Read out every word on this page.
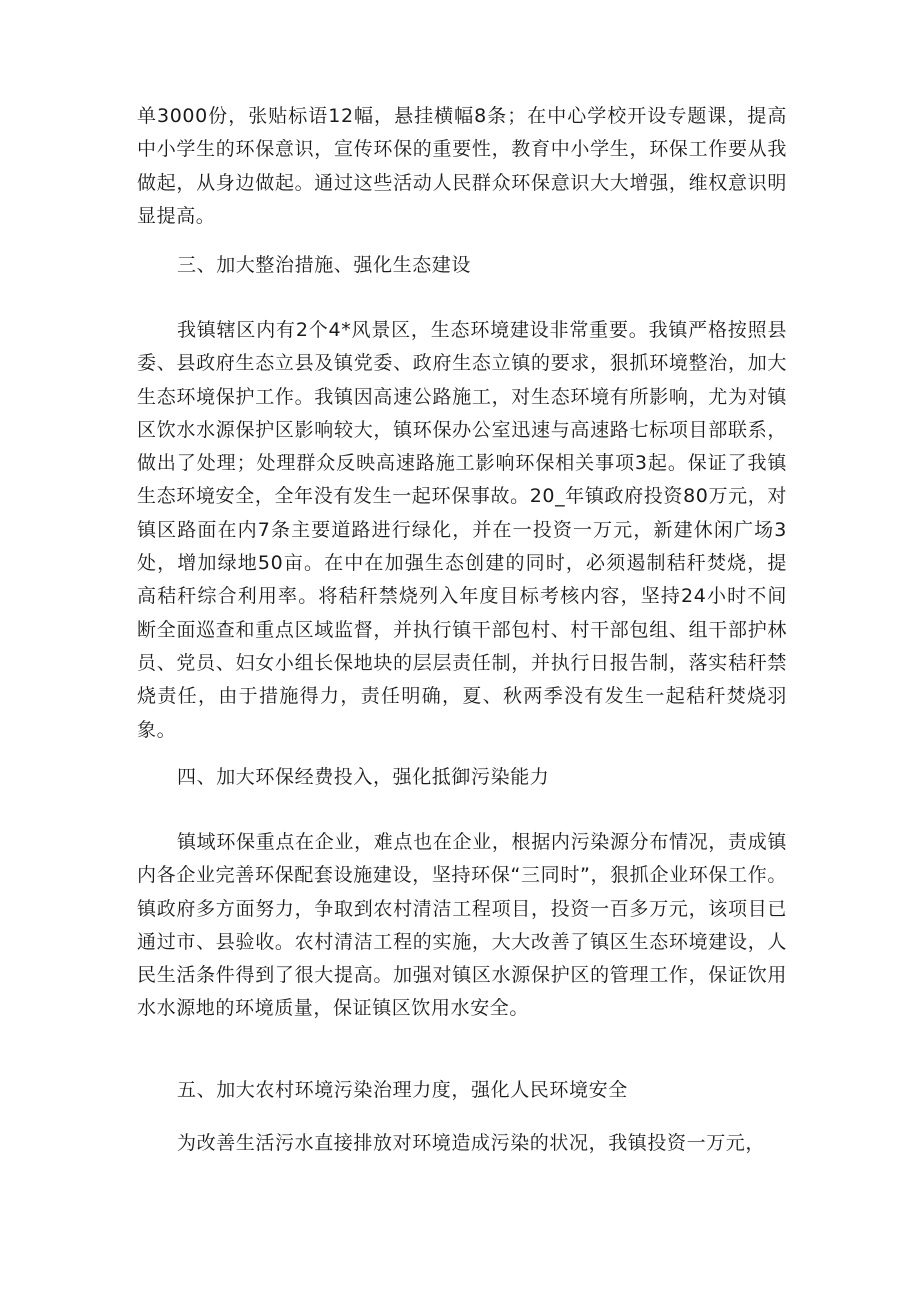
单3000份，张贴标语12幅，悬挂横幅8条；在中心学校开设专题课，提高中小学生的环保意识，宣传环保的重要性，教育中小学生，环保工作要从我做起，从身边做起。通过这些活动人民群众环保意识大大增强，维权意识明显提高。

三、加大整治措施、强化生态建设

我镇辖区内有2个4*风景区，生态环境建设非常重要。我镇严格按照县委、县政府生态立县及镇党委、政府生态立镇的要求，狠抓环境整治，加大生态环境保护工作。我镇因高速公路施工，对生态环境有所影响，尤为对镇区饮水水源保护区影响较大，镇环保办公室迅速与高速路七标项目部联系，做出了处理；处理群众反映高速路施工影响环保相关事项3起。保证了我镇生态环境安全，全年没有发生一起环保事故。20_年镇政府投资80万元，对镇区路面在内7条主要道路进行绿化，并在一投资一万元，新建休闲广场3处，增加绿地50亩。在中在加强生态创建的同时，必须遏制秸秆焚烧，提高秸秆综合利用率。将秸秆禁烧列入年度目标考核内容，坚持24小时不间断全面巡查和重点区域监督，并执行镇干部包村、村干部包组、组干部护林员、党员、妇女小组长保地块的层层责任制，并执行日报告制，落实秸秆禁烧责任，由于措施得力，责任明确，夏、秋两季没有发生一起秸秆焚烧羽象。

四、加大环保经费投入，强化抵御污染能力

镇域环保重点在企业，难点也在企业，根据内污染源分布情况，责成镇内各企业完善环保配套设施建设，坚持环保“三同时”，狠抓企业环保工作。镇政府多方面努力，争取到农村清洁工程项目，投资一百多万元，该项目已通过市、县验收。农村清洁工程的实施，大大改善了镇区生态环境建设，人民生活条件得到了很大提高。加强对镇区水源保护区的管理工作，保证饮用水水源地的环境质量，保证镇区饮用水安全。

五、加大农村环境污染治理力度，强化人民环境安全

为改善生活污水直接排放对环境造成污染的状况，我镇投资一万元，
